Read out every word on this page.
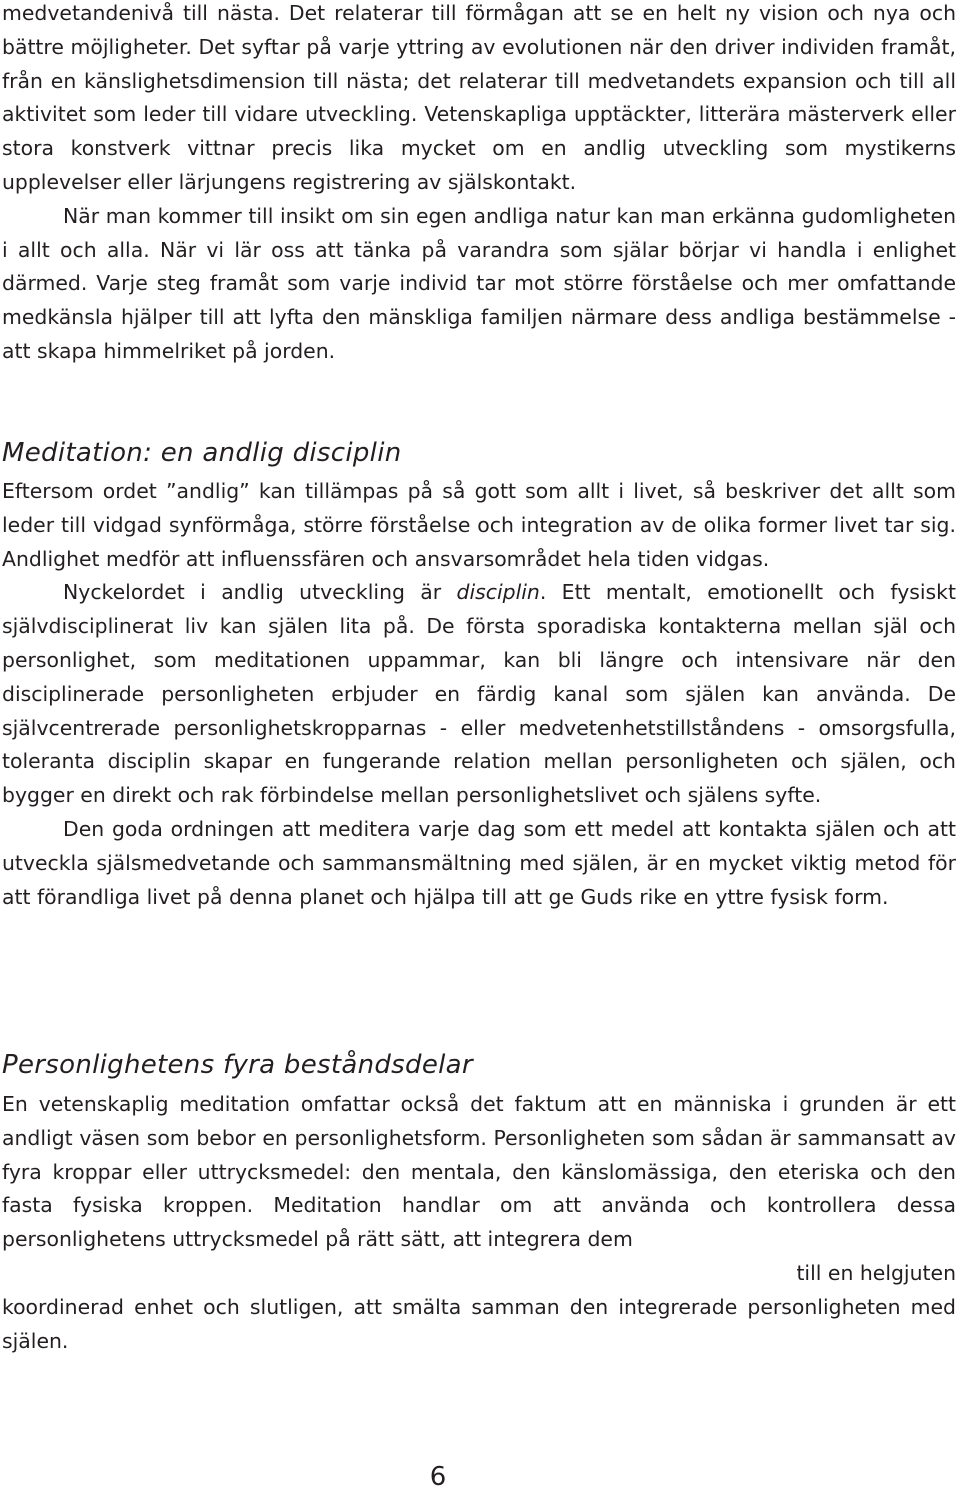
medvetandenivå till nästa. Det relaterar till förmågan att se en helt ny vision och nya och bättre möjligheter. Det syftar på varje yttring av evolutionen när den driver individen framåt, från en känslighetsdimension till nästa; det relaterar till medvetandets expansion och till all aktivitet som leder till vidare utveckling. Vetenskapliga upptäckter, litterära mästerverk eller stora konstverk vittnar precis lika mycket om en andlig utveckling som mystikerns upplevelser eller lärjungens registrering av själskontakt.

När man kommer till insikt om sin egen andliga natur kan man erkänna gudomligheten i allt och alla. När vi lär oss att tänka på varandra som själar börjar vi handla i enlighet därmed. Varje steg framåt som varje individ tar mot större förståelse och mer omfattande medkänsla hjälper till att lyfta den mänskliga familjen närmare dess andliga bestämmelse - att skapa himmelriket på jorden.

Meditation: en andlig disciplin

Eftersom ordet ”andlig” kan tillämpas på så gott som allt i livet, så beskriver det allt som leder till vidgad synförmåga, större förståelse och integration av de olika former livet tar sig. Andlighet medför att influenssfären och ansvarsområdet hela tiden vidgas.

Nyckelordet i andlig utveckling är disciplin. Ett mentalt, emotionellt och fysiskt självdisciplinerat liv kan själen lita på. De första sporadiska kontakterna mellan själ och personlighet, som meditationen uppammar, kan bli längre och intensivare när den disciplinerade personligheten erbjuder en färdig kanal som själen kan använda. De självcentrerade personlighetskropparnas - eller medvetenhetstillståndens - omsorgsfulla, toleranta disciplin skapar en fungerande relation mellan personligheten och själen, och bygger en direkt och rak förbindelse mellan personlighetslivet och själens syfte.

Den goda ordningen att meditera varje dag som ett medel att kontakta själen och att utveckla själsmedvetande och sammansmältning med själen, är en mycket viktig metod för att förandliga livet på denna planet och hjälpa till att ge Guds rike en yttre fysisk form.

Personlighetens fyra beståndsdelar

En vetenskaplig meditation omfattar också det faktum att en människa i grunden är ett andligt väsen som bebor en personlighetsform. Personligheten som sådan är sammansatt av fyra kroppar eller uttrycksmedel: den mentala, den känslomässiga, den eteriska och den fasta fysiska kroppen. Meditation handlar om att använda och kontrollera dessa personlighetens uttrycksmedel på rätt sätt, att integrera dem

till en helgjuten

koordinerad enhet och slutligen, att smälta samman den integrerade personligheten med själen.

6
